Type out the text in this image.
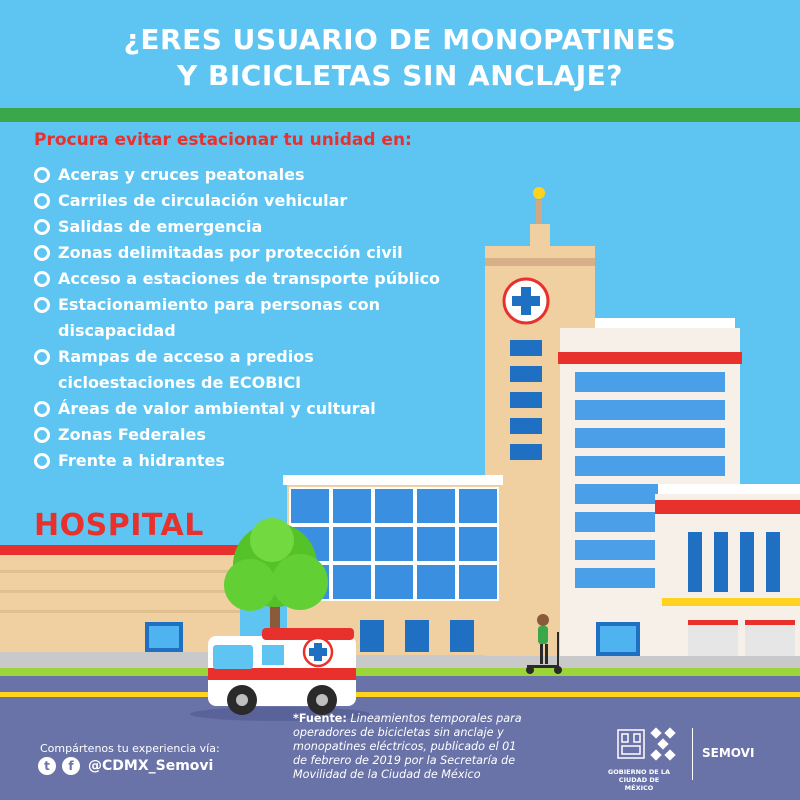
¿ERES USUARIO DE MONOPATINES
Y BICICLETAS SIN ANCLAJE?
Procura evitar estacionar tu unidad en:
Aceras y cruces peatonales
Carriles de circulación vehicular
Salidas de emergencia
Zonas delimitadas por protección civil
Acceso a estaciones de transporte público
Estacionamiento para personas con discapacidad
Rampas de acceso a predios cicloestaciones de ECOBICI
Áreas de valor ambiental y cultural
Zonas Federales
Frente a hidrantes
HOSPITAL
*Fuente: Lineamientos temporales para operadores de bicicletas sin anclaje y monopatines eléctricos, publicado el 01 de febrero de 2019 por la Secretaría de Movilidad de la Ciudad de México
Compártenos tu experiencia vía:
t	f	@CDMX_Semovi	GOBIERNO DE LA CIUDAD DE MÉXICO
SEMOVI
